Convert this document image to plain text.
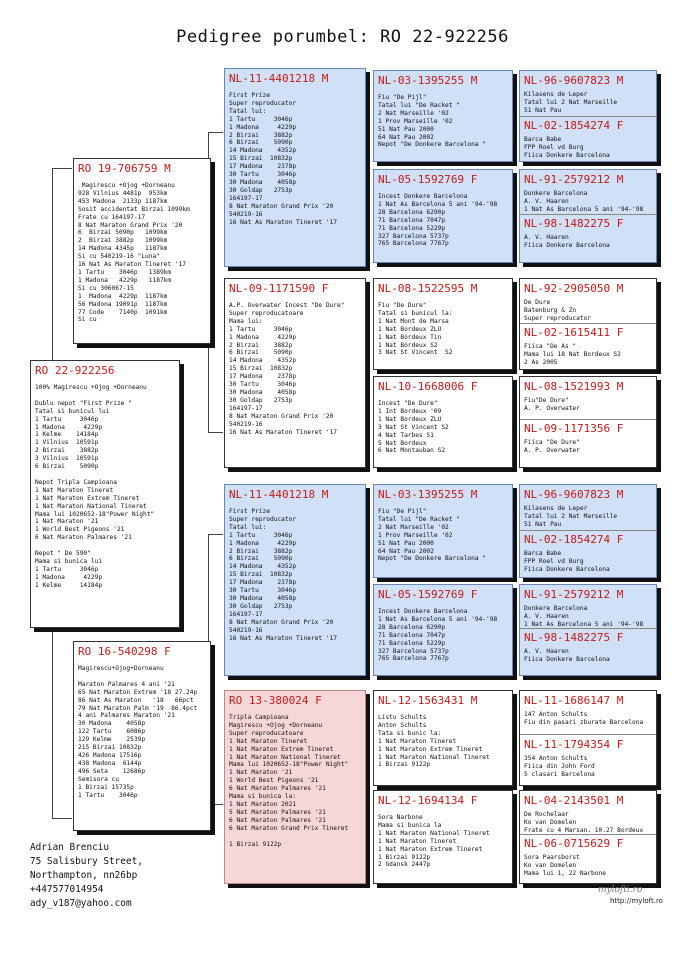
Pedigree porumbel: RO 22-922256
RO 22-922256
100% Magirescu +Ojog +Dorneanu

Dublu nepot "First Prize "
Tatal si bunicul lui
1 Tartu     3046p
1 Madona     4229p
1 Kelme    14184p
1 Vilnius  10591p
2 Birzai    3882p
3 Vilnius  10591p
6 Birzai    5090p

Nepot Tripla Campioana
1 Nat Maraton Tineret
1 Nat Maraton Extrem Tineret
1 Nat Maraton National Tineret
Mama lui 1020652-18"Power Night"
1 Nat Maraton '21
1 World Best Pigeons '21
6 Nat Maraton Palmares '21

Nepot " De 590"
Mama si bunica lui
1 Tartu     3046p
1 Madona     4229p
1 Kelme     14184p
RO 19-706759 M
Magirescu +Ojog +Dorneanu
928 Vilnius 4481p  953km
453 Madona  2133p 1187km
Sosit accidentat Birzai 1099km
Frate cu 164197-17
8 Nat Maraton Grand Prix '20
6  Birzai 5090p   1099km
2  Birzai 3882p   1099km
14 Madona 4345p   1187km
Si cu 540219-16 "Luna"
16 Nat As Maraton Tineret '17
1 Tartu    3046p   1389km
1 Madona   4229p   1187km
Si cu 306067-15
1  Madona  4229p  1187km
56 Madona 19091p  1187km
77 Code    7140p  1091km
Si cu
RO 16-540298 F
Magirescu+Ojog+Dorneanu

Maraton Palmares 4 ani '21
65 Nat Maraton Extrem '18 27.24p
86 Nat As Maraton   '18   66pct
79 Nat Maraton Palm '19  86.4pct
4 ani Palmares Maraton '21
30 Madona    4058p
122 Tartu    6086p
129 Kelme    2539p
215 Birzai 10832p
426 Madona 17516p
438 Madona  6144p
496 Seta    12686p
Semisora cu
1 Birzai 15735p
1 Tartu    3046p
NL-11-4401218 M
First Prize
Super reproducator
Tatal lui:
1 Tartu     3046p
1 Madona     4229p
2 Birzai    3882p
6 Birzai    5090p
14 Madona    4352p
15 Birzai  10832p
17 Madona    2378p
30 Tartu     3046p
30 Madona    4058p
30 Goldap   2753p
164197-17
8 Nat Maraton Grand Prix '20
540219-16
16 Nat As Maraton Tineret '17
NL-09-1171590 F
A.P. Overwater Incest "De Dure"
Super reproducatoare
Mama lui:
1 Tartu     3046p
1 Madona     4229p
2 Birzai    3882p
6 Birzai    5090p
14 Madona    4352p
15 Birzai  10832p
17 Madona    2378p
30 Tartu     3046p
30 Madona    4058p
30 Goldap   2753p
164197-17
8 Nat Maraton Grand Prix '20
540219-16
16 Nat As Maraton Tineret '17
NL-11-4401218 M
First Prize
Super reproducator
Tatal lui:
1 Tartu     3046p
1 Madona     4229p
2 Birzai    3882p
6 Birzai    5090p
14 Madona    4352p
15 Birzai  10832p
17 Madona    2378p
30 Tartu     3046p
30 Madona    4058p
30 Goldap   2753p
164197-17
8 Nat Maraton Grand Prix '20
540219-16
16 Nat As Maraton Tineret '17
RO 13-380024 F
Tripla Campioana
Magirescu +Ojog +Dorneanu
Super reproducatoare
1 Nat Maraton Tineret
1 Nat Maraton Extrem Tineret
1 Nat Maraton National Tineret
Mama lui 1020652-18"Power Night"
1 Nat Maraton '21
1 World Best Pigeons '21
6 Nat Maraton Palmares '21
Mama si bunica la:
1 Nat Maraton 2021
5 Nat Maraton Palmares '21
6 Nat Maraton Palmares '21
6 Nat Maraton Grand Prix Tineret

1 Birzai 9122p
NL-03-1395255 M
Fiu "De Pijl"
Tatal lui "De Racket "
2 Nat Marseille '02
1 Prov Marseille '02
51 Nat Pau 2000
64 Nat Pau 2002
Nepot "De Donkere Barcelona "
NL-05-1592769 F
Incest Donkere Barcelona
1 Nat As Barcelona 5 ani '94-'98
28 Barcelona 6290p
71 Barcelona 7047p
71 Barcelona 5229p
327 Barcelona 5737p
765 Barcelona 7767p
NL-08-1522595 M
Fiu "De Dure"
Tatal si bunicul la:
1 Nat Mont de Marsa
1 Nat Bordeux ZLU
1 Nat Bordeux Tin
1 Nat Bordeux S2
3 Nat St Vincent  S2
NL-10-1668006 F
Incest "De Dure"
1 Int Bordeux '09
1 Nat Bordeux ZLU
3 Nat St Vincent S2
4 Nat Tarbes S1
5 Nat Bordeux
6 Nat Montauban S2
NL-03-1395255 M
Fiu "De Pijl"
Tatal lui "De Racket "
2 Nat Marseille '02
1 Prov Marseille '02
51 Nat Pau 2000
64 Nat Pau 2002
Nepot "De Donkere Barcelona "
NL-05-1592769 F
Incest Donkere Barcelona
1 Nat As Barcelona 5 ani '94-'98
28 Barcelona 6290p
71 Barcelona 7047p
71 Barcelona 5229p
327 Barcelona 5737p
765 Barcelona 7767p
NL-12-1563431 M
Listu Schults
Anton Schults
Tata si bunic la:
1 Nat Maraton Tineret
1 Nat Maraton Extrem Tineret
1 Nat Maraton National Tineret
1 Birzai 9122p
NL-12-1694134 F
Sora Narbone
Mama si bunica la
1 Nat Maraton National Tineret
1 Nat Maraton Tineret
1 Nat Maraton Extrem Tineret
1 Birzai 9122p
2 Gdansk 2447p
NL-96-9607823 M
Kilasens de Leper
Tatal lui 2 Nat Marseille
51 Nat Pau
NL-02-1854274 F
Barca Babe
FPP Roel vd Burg
Fiica Donkere Barcelona
NL-91-2579212 M
Donkere Barcelona
A. V. Haaren
1 Nat As Barcelona 5 ani '94-'98
NL-98-1482275 F
A. V. Haaren
Fiica Donkere Barcelona
NL-92-2905050 M
De Dure
Batenburg & Zn
Super reproducator
NL-02-1615411 F
Fiica "De As "
Mama lui 18 Nat Bordeux S2
2 As 2005
NL-08-1521993 M
Fiu"De Dure"
A. P. Overwater
NL-09-1171356 F
Fiica "De Dure"
A. P. Overwater
NL-96-9607823 M
Kilasens de Leper
Tatal lui 2 Nat Marseille
51 Nat Pau
NL-02-1854274 F
Barca Babe
FPP Roel vd Burg
Fiica Donkere Barcelona
NL-91-2579212 M
Donkere Barcelona
A. V. Haaren
1 Nat As Barcelona 5 ani '94-'98
NL-98-1482275 F
A. V. Haaren
Fiica Donkere Barcelona
NL-11-1686147 M
147 Anton Schults
Fiu din pasari zburate Barcelona
NL-11-1794354 F
354 Anton Schults
Fiica din John Ford
5 clasari Barcelona
NL-04-2143501 M
De Rochelaar
Ko van Domelen
Frate cu 4 Marsan. 10.27 Bordeux
NL-06-0715629 F
Sora Paarsborst
Ko van Domelen
Mama lui 1, 22 Narbone
Adrian Brenciu
75 Salisbury Street,
Northampton, nn26bp
+447577014954
ady_v187@yahoo.com
mylofti.ro
http://myloft.ro
